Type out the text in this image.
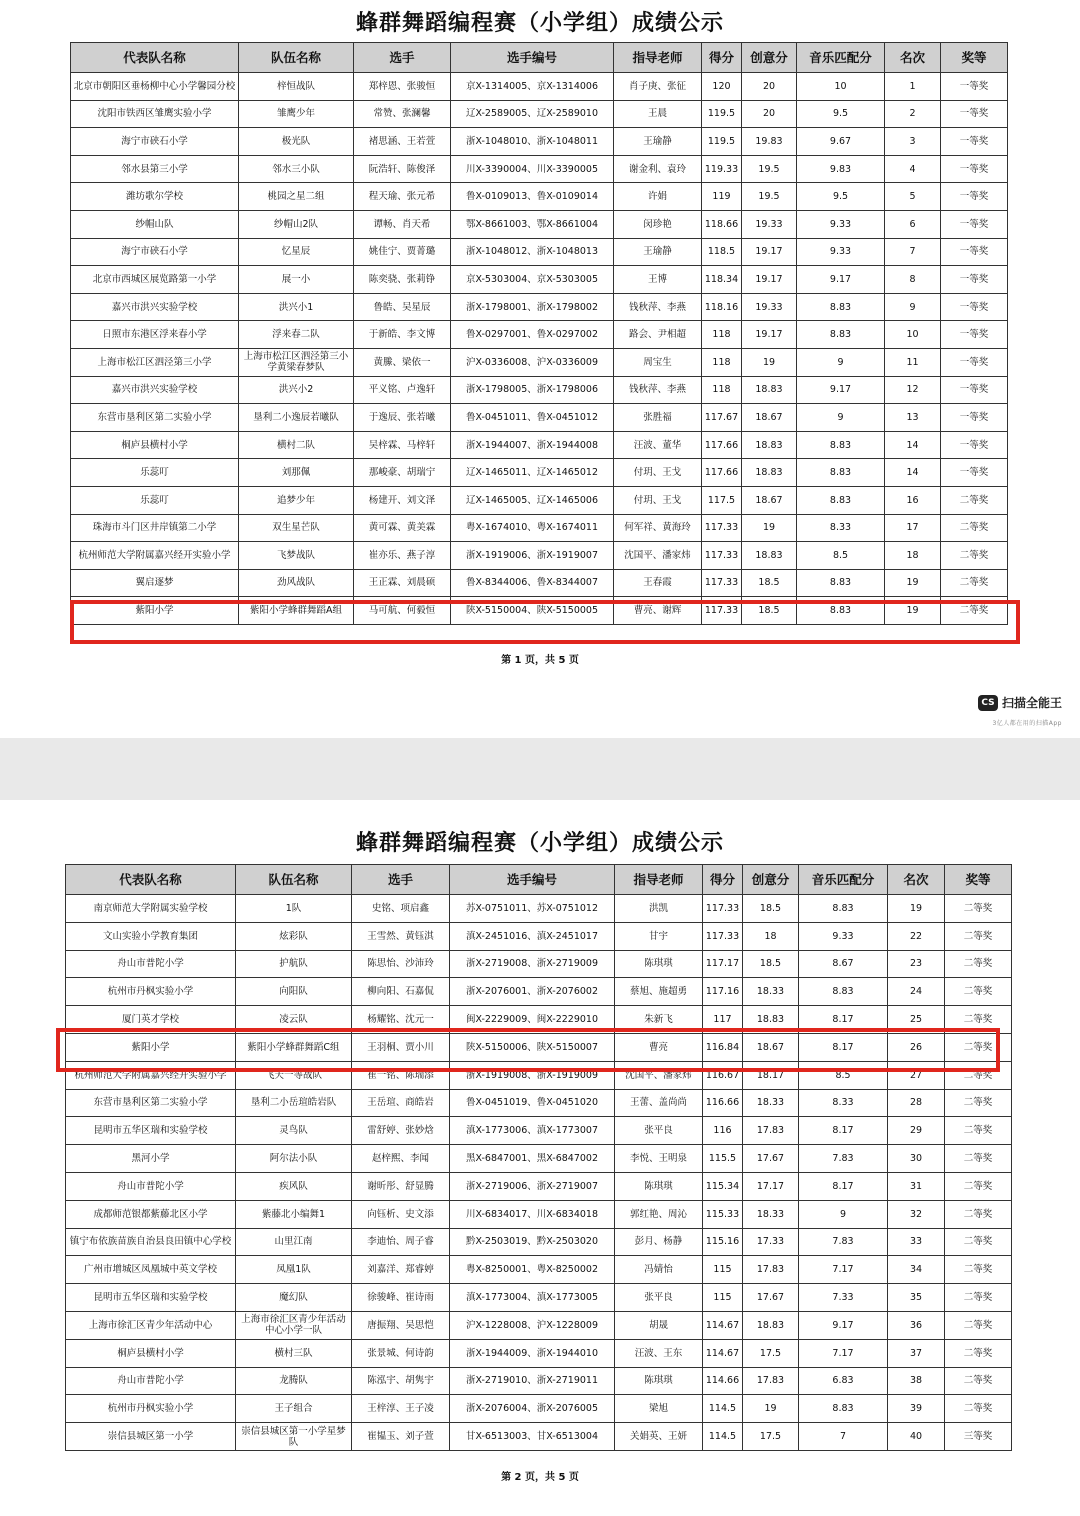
蜂群舞蹈编程赛（小学组）成绩公示
代表队名称	队伍名称	选手	选手编号	指导老师	得分	创意分	音乐匹配分	名次	奖等
北京市朝阳区垂杨柳中心小学馨园分校	梓恒战队	郑梓恩、张骏恒	京X-1314005、京X-1314006	肖子庚、张征	120	20	10	1	一等奖
沈阳市铁西区雏鹰实验小学	雏鹰少年	常赞、张澜馨	辽X-2589005、辽X-2589010	王晨	119.5	20	9.5	2	一等奖
海宁市硖石小学	极光队	褚思涵、王若萱	浙X-1048010、浙X-1048011	王瑜静	119.5	19.83	9.67	3	一等奖
邻水县第三小学	邻水三小队	阮浩轩、陈俊泽	川X-3390004、川X-3390005	谢金利、袁玲	119.33	19.5	9.83	4	一等奖
潍坊歌尔学校	桃园之星二组	程天瑜、张元希	鲁X-0109013、鲁X-0109014	许娟	119	19.5	9.5	5	一等奖
纱帽山队	纱帽山2队	谭畅、肖天希	鄂X-8661003、鄂X-8661004	闵珍艳	118.66	19.33	9.33	6	一等奖
海宁市硖石小学	忆星辰	姚佳宁、贾菁璐	浙X-1048012、浙X-1048013	王瑜静	118.5	19.17	9.33	7	一等奖
北京市西城区展览路第一小学	展一小	陈奕骁、张莉铮	京X-5303004、京X-5303005	王博	118.34	19.17	9.17	8	一等奖
嘉兴市洪兴实验学校	洪兴小1	鲁皓、吴星辰	浙X-1798001、浙X-1798002	钱秋萍、李燕	118.16	19.33	8.83	9	一等奖
日照市东港区浮来春小学	浮来春二队	于新皓、李文博	鲁X-0297001、鲁X-0297002	路会、尹相超	118	19.17	8.83	10	一等奖
上海市松江区泗泾第三小学	上海市松江区泗泾第三小学黄梁春梦队	黄縢、梁依一	沪X-0336008、沪X-0336009	周宝生	118	19	9	11	一等奖
嘉兴市洪兴实验学校	洪兴小2	平义铭、卢逸轩	浙X-1798005、浙X-1798006	钱秋萍、李燕	118	18.83	9.17	12	一等奖
东营市垦利区第二实验小学	垦利二小逸辰若曦队	于逸辰、张若曦	鲁X-0451011、鲁X-0451012	张胜福	117.67	18.67	9	13	一等奖
桐庐县横村小学	横村二队	吴梓霖、马梓轩	浙X-1944007、浙X-1944008	汪波、董华	117.66	18.83	8.83	14	一等奖
乐蕊叮	刘那佩	那峻豪、胡瑞宁	辽X-1465011、辽X-1465012	付玥、王戈	117.66	18.83	8.83	14	一等奖
乐蕊叮	追梦少年	杨建开、刘文泽	辽X-1465005、辽X-1465006	付玥、王戈	117.5	18.67	8.83	16	二等奖
珠海市斗门区井岸镇第二小学	双生星芒队	黄可霖、黄美霖	粤X-1674010、粤X-1674011	何军祥、黄海玲	117.33	19	8.33	17	二等奖
杭州师范大学附属嘉兴经开实验小学	飞梦战队	崔亦乐、燕子淳	浙X-1919006、浙X-1919007	沈国平、潘家炜	117.33	18.83	8.5	18	二等奖
翼启逐梦	劲风战队	王正霖、刘晨硕	鲁X-8344006、鲁X-8344007	王春霞	117.33	18.5	8.83	19	二等奖
紫阳小学	紫阳小学蜂群舞蹈A组	马可航、何毅恒	陕X-5150004、陕X-5150005	曹亮、谢辉	117.33	18.5	8.83	19	二等奖
第 1 页，共 5 页
CS 扫描全能王
3亿人都在用的扫描App
蜂群舞蹈编程赛（小学组）成绩公示
代表队名称	队伍名称	选手	选手编号	指导老师	得分	创意分	音乐匹配分	名次	奖等
南京师范大学附属实验学校	1队	史铭、项启鑫	苏X-0751011、苏X-0751012	洪凯	117.33	18.5	8.83	19	二等奖
文山实验小学教育集团	炫彩队	王雪然、黄钰淇	滇X-2451016、滇X-2451017	甘宇	117.33	18	9.33	22	二等奖
舟山市普陀小学	护航队	陈思怡、沙沛玲	浙X-2719008、浙X-2719009	陈琪琪	117.17	18.5	8.67	23	二等奖
杭州市丹枫实验小学	向阳队	柳向阳、石嘉侃	浙X-2076001、浙X-2076002	蔡旭、施超勇	117.16	18.33	8.83	24	二等奖
厦门英才学校	凌云队	杨耀铭、沈元一	闽X-2229009、闽X-2229010	朱新飞	117	18.83	8.17	25	二等奖
紫阳小学	紫阳小学蜂群舞蹈C组	王羽桐、贾小川	陕X-5150006、陕X-5150007	曹亮	116.84	18.67	8.17	26	二等奖
杭州师范大学附属嘉兴经开实验小学	飞天一等战队	崔一铭、陈瑞添	浙X-1919008、浙X-1919009	沈国平、潘家炜	116.67	18.17	8.5	27	二等奖
东营市垦利区第二实验小学	垦利二小岳瑄皓岩队	王岳瑄、商皓岩	鲁X-0451019、鲁X-0451020	王蕾、盖尚尚	116.66	18.33	8.33	28	二等奖
昆明市五华区瑞和实验学校	灵鸟队	雷舒婷、张妙焓	滇X-1773006、滇X-1773007	张平良	116	17.83	8.17	29	二等奖
黑河小学	阿尔法小队	赵梓熙、李闻	黑X-6847001、黑X-6847002	李悦、王明泉	115.5	17.67	7.83	30	二等奖
舟山市普陀小学	疾风队	谢昕彤、舒显腾	浙X-2719006、浙X-2719007	陈琪琪	115.34	17.17	8.17	31	二等奖
成都师范银都紫藤北区小学	紫藤北小编舞1	向钰析、史文添	川X-6834017、川X-6834018	郭红艳、周沁	115.33	18.33	9	32	二等奖
镇宁布依族苗族自治县良田镇中心学校	山里江南	李迪怡、周子睿	黔X-2503019、黔X-2503020	彭月、杨静	115.16	17.33	7.83	33	二等奖
广州市增城区凤凰城中英文学校	凤凰1队	刘嘉洋、郑睿婷	粤X-8250001、粤X-8250002	冯婧怡	115	17.83	7.17	34	二等奖
昆明市五华区瑞和实验学校	魔幻队	徐骏峰、崔诗雨	滇X-1773004、滇X-1773005	张平良	115	17.67	7.33	35	二等奖
上海市徐汇区青少年活动中心	上海市徐汇区青少年活动中心小学一队	唐振翔、吴思恺	沪X-1228008、沪X-1228009	胡晟	114.67	18.83	9.17	36	二等奖
桐庐县横村小学	横村三队	张景城、何诗韵	浙X-1944009、浙X-1944010	汪波、王东	114.67	17.5	7.17	37	二等奖
舟山市普陀小学	龙腾队	陈泓宇、胡隽宇	浙X-2719010、浙X-2719011	陈琪琪	114.66	17.83	6.83	38	二等奖
杭州市丹枫实验小学	王子组合	王梓淳、王子凌	浙X-2076004、浙X-2076005	梁旭	114.5	19	8.83	39	二等奖
崇信县城区第一小学	崇信县城区第一小学星梦队	崔韫玉、刘子萱	甘X-6513003、甘X-6513004	关娟英、王妍	114.5	17.5	7	40	三等奖
第 2 页，共 5 页
